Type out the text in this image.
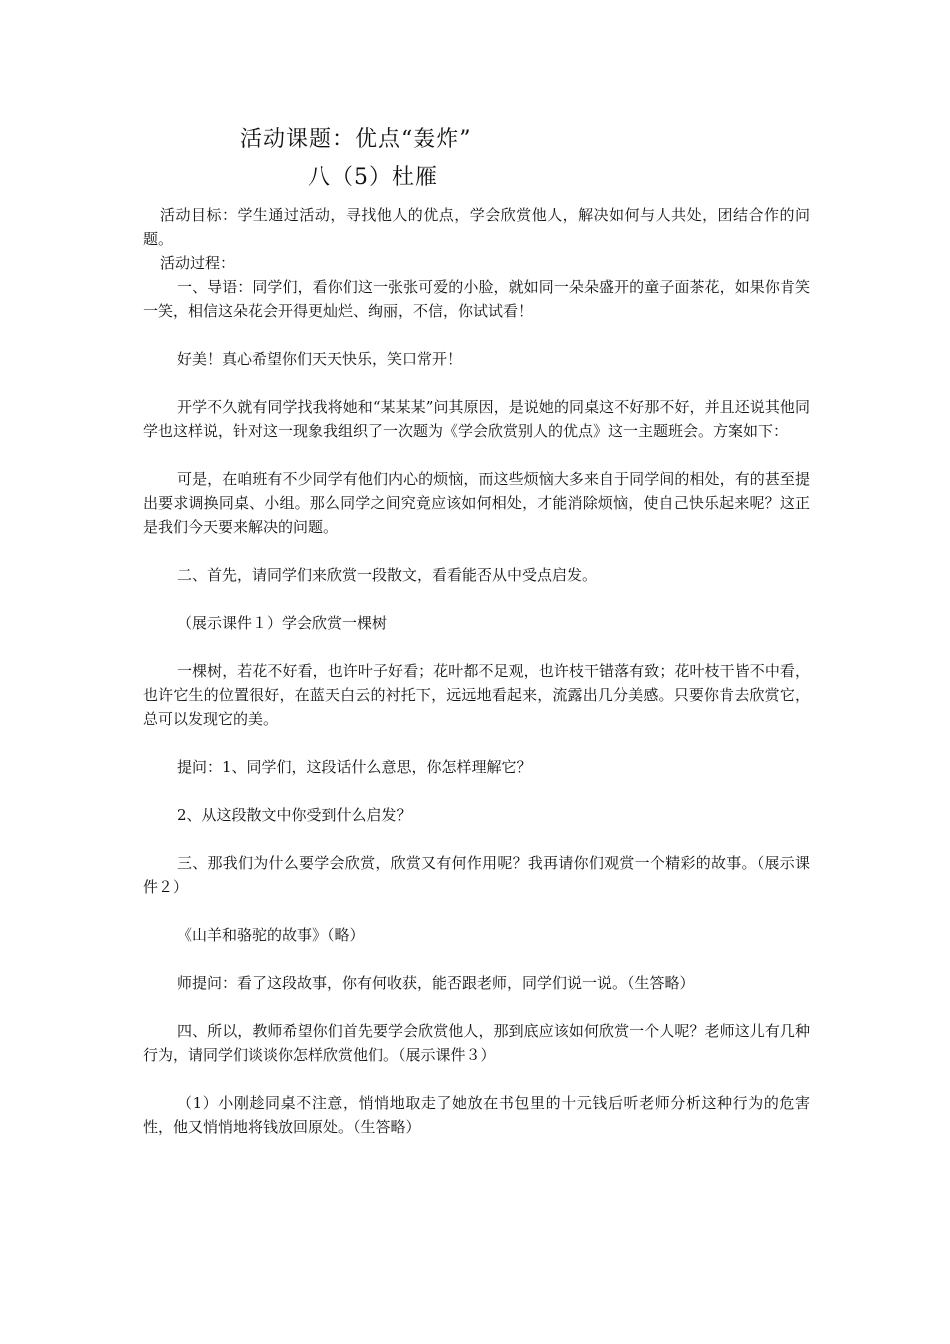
活动课题：优点“轰炸”
八（5）杜雁

活动目标：学生通过活动，寻找他人的优点，学会欣赏他人，解决如何与人共处，团结合作的问题。

活动过程：

一、导语：同学们，看你们这一张张可爱的小脸，就如同一朵朵盛开的童子面茶花，如果你肯笑一笑，相信这朵花会开得更灿烂、绚丽，不信，你试试看！

好美！真心希望你们天天快乐，笑口常开！

开学不久就有同学找我将她和“某某某”问其原因，是说她的同桌这不好那不好，并且还说其他同学也这样说，针对这一现象我组织了一次题为《学会欣赏别人的优点》这一主题班会。方案如下：

可是，在咱班有不少同学有他们内心的烦恼，而这些烦恼大多来自于同学间的相处，有的甚至提出要求调换同桌、小组。那么同学之间究竟应该如何相处，才能消除烦恼，使自己快乐起来呢？这正是我们今天要来解决的问题。

二、首先，请同学们来欣赏一段散文，看看能否从中受点启发。

（展示课件１）学会欣赏一棵树

一棵树，若花不好看，也许叶子好看；花叶都不足观，也许枝干错落有致；花叶枝干皆不中看，也许它生的位置很好，在蓝天白云的衬托下，远远地看起来，流露出几分美感。只要你肯去欣赏它，总可以发现它的美。

提问：1、同学们，这段话什么意思，你怎样理解它？

2、从这段散文中你受到什么启发？

三、那我们为什么要学会欣赏，欣赏又有何作用呢？我再请你们观赏一个精彩的故事。（展示课件２）

《山羊和骆驼的故事》（略）

师提问：看了这段故事，你有何收获，能否跟老师，同学们说一说。（生答略）

四、所以，教师希望你们首先要学会欣赏他人，那到底应该如何欣赏一个人呢？老师这儿有几种行为，请同学们谈谈你怎样欣赏他们。（展示课件３）

（1）小刚趁同桌不注意，悄悄地取走了她放在书包里的十元钱后听老师分析这种行为的危害性，他又悄悄地将钱放回原处。（生答略）
